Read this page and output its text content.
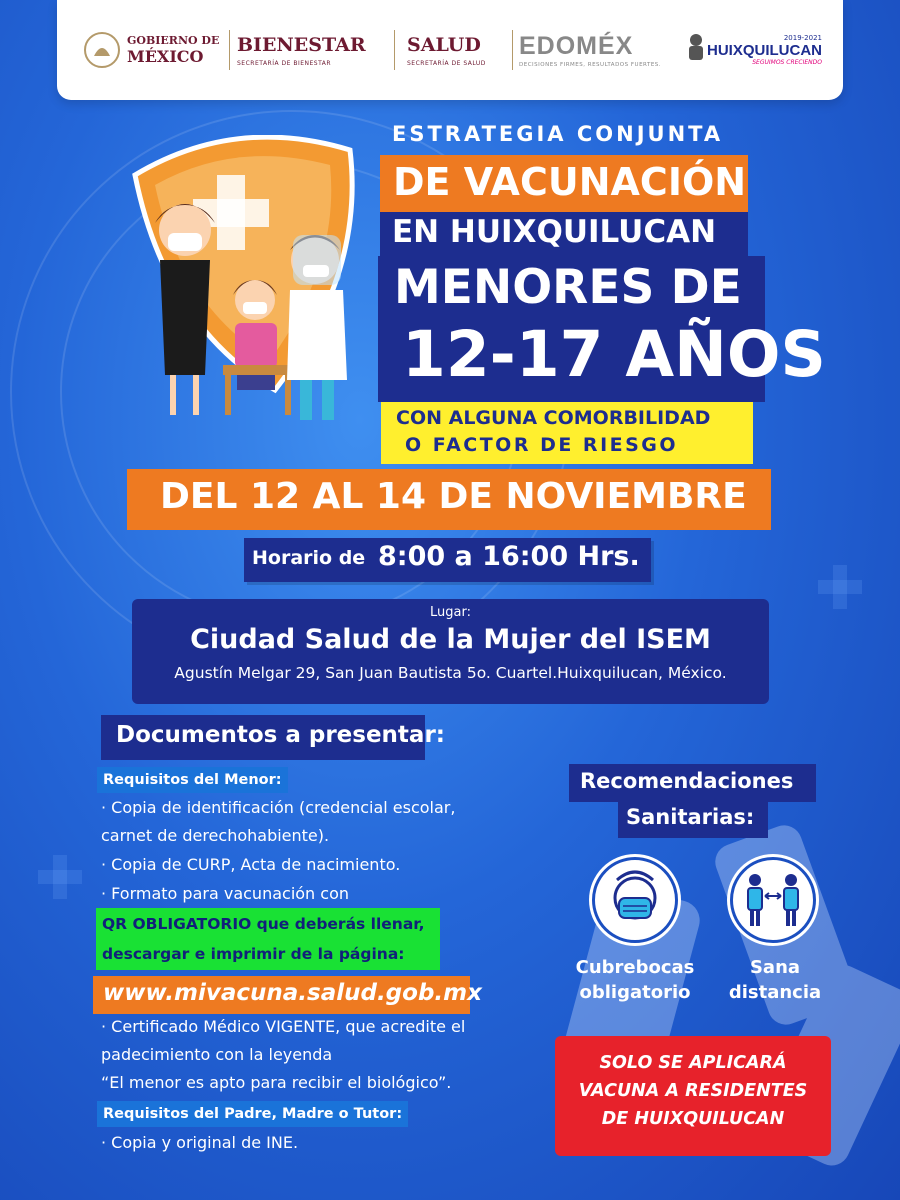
GOBIERNO DE
MÉXICO
BIENESTAR
SECRETARÍA DE BIENESTAR
SALUD
SECRETARÍA DE SALUD
EDOMÉX
DECISIONES FIRMES, RESULTADOS FUERTES.
2019-2021
HUIXQUILUCAN
SEGUIMOS CRECIENDO
ESTRATEGIA CONJUNTA
DE VACUNACIÓN
EN HUIXQUILUCAN
MENORES DE
12-17 AÑOS
CON ALGUNA COMORBILIDAD
O FACTOR DE RIESGO
DEL 12 AL 14 DE NOVIEMBRE
Horario de 8:00 a 16:00 Hrs.
Lugar:
Ciudad Salud de la Mujer del ISEM
Agustín Melgar 29, San Juan Bautista 5o. Cuartel.Huixquilucan, México.
Documentos a presentar:
Requisitos del Menor:
· Copia de identificación (credencial escolar,
carnet de derechohabiente).
· Copia de CURP, Acta de nacimiento.
· Formato para vacunación con
QR OBLIGATORIO que deberás llenar,
descargar e imprimir de la página:
www.mivacuna.salud.gob.mx
· Certificado Médico VIGENTE, que acredite el
padecimiento con la leyenda
“El menor es apto para recibir el biológico”.
Requisitos del Padre, Madre o Tutor:
· Copia y original de INE.
Recomendaciones
Sanitarias:
Cubrebocas
obligatorio
Sana
distancia
SOLO SE APLICARÁ
VACUNA A RESIDENTES
DE HUIXQUILUCAN
